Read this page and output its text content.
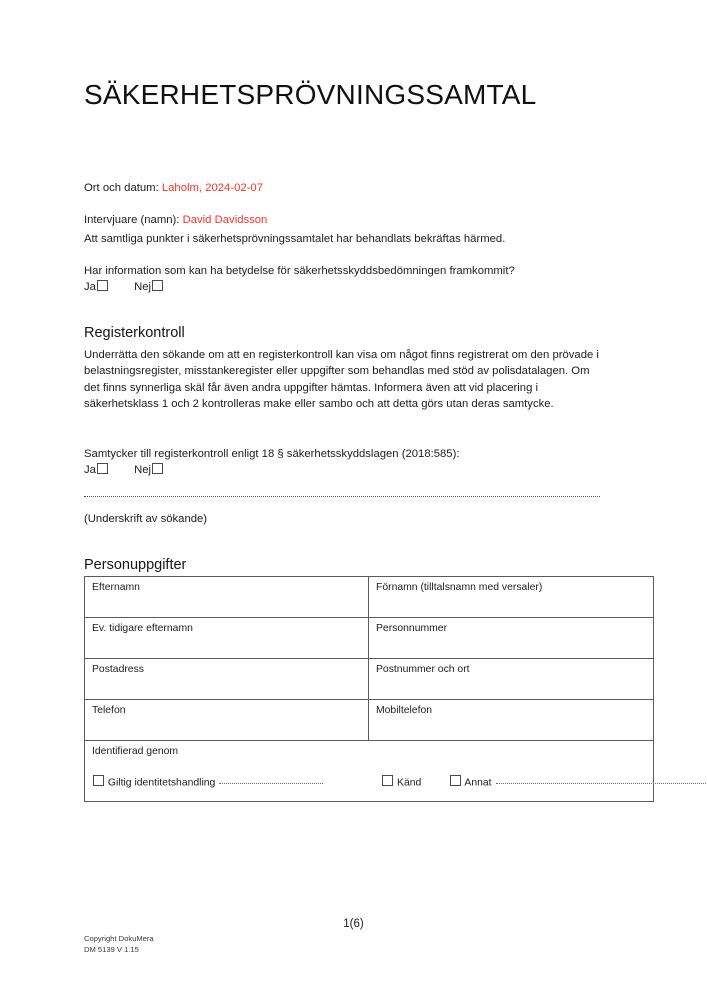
SÄKERHETSPRÖVNINGSSAMTAL
Ort och datum: Laholm, 2024-02-07
Intervjuare (namn): David Davidsson
Att samtliga punkter i säkerhetsprövningssamtalet har behandlats bekräftas härmed.
Har information som kan ha betydelse för säkerhetsskyddsbedömningen framkommit?
Ja	Nej
Registerkontroll
Underrätta den sökande om att en registerkontroll kan visa om något finns registrerat om den prövade i belastningsregister, misstankeregister eller uppgifter som behandlas med stöd av polisdatalagen. Om det finns synnerliga skäl får även andra uppgifter hämtas. Informera även att vid placering i säkerhetsklass 1 och 2 kontrolleras make eller sambo och att detta görs utan deras samtycke.
Samtycker till registerkontroll enligt 18 § säkerhetsskyddslagen (2018:585):
Ja	Nej
(Underskrift av sökande)
Personuppgifter
Efternamn	Förnamn (tilltalsnamn med versaler)
Ev. tidigare efternamn	Personnummer
Postadress	Postnummer och ort
Telefon	Mobiltelefon

Identifierad genom
Giltig identitetshandling Känd Annat	
1(6)
Copyright DokuMera
DM 5139 V 1.15
